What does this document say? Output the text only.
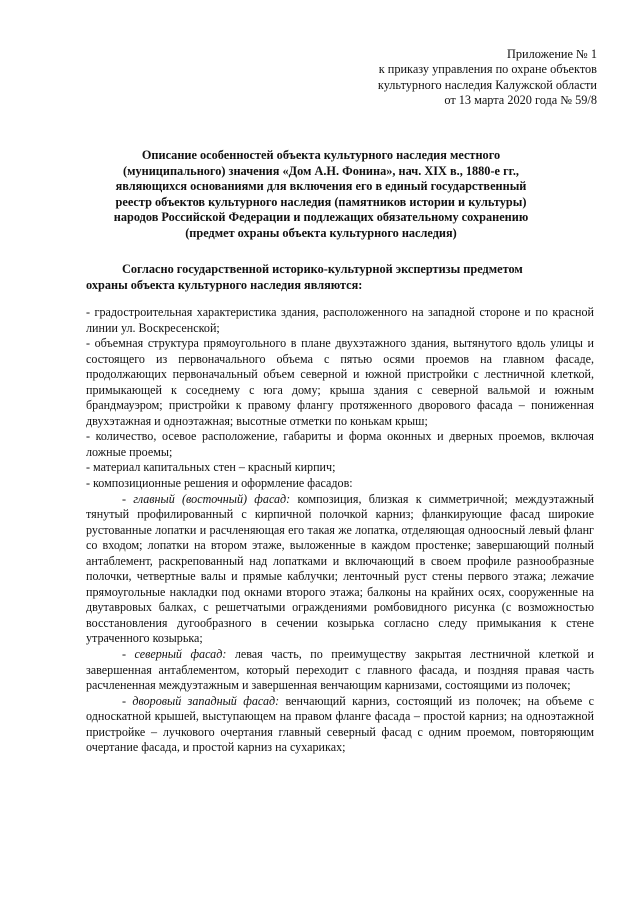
Приложение № 1
к приказу управления по охране объектов
культурного наследия Калужской области
от 13 марта 2020 года № 59/8
Описание особенностей объекта культурного наследия местного
(муниципального) значения «Дом А.Н. Фонина», нач. XIX в., 1880-е гг.,
являющихся основаниями для включения его в единый государственный
реестр объектов культурного наследия (памятников истории и культуры)
народов Российской Федерации и подлежащих обязательному сохранению
(предмет охраны объекта культурного наследия)
Согласно государственной историко-культурной экспертизы предметом
охраны объекта культурного наследия являются:

- градостроительная характеристика здания, расположенного на западной стороне и по красной линии ул. Воскресенской;

- объемная структура прямоугольного в плане двухэтажного здания, вытянутого вдоль улицы и состоящего из первоначального объема с пятью осями проемов на главном фасаде, продолжающих первоначальный объем северной и южной пристройки с лестничной клеткой, примыкающей к соседнему с юга дому; крыша здания с северной вальмой и южным брандмауэром; пристройки к правому флангу протяженного дворового фасада – пониженная двухэтажная и одноэтажная; высотные отметки по конькам крыш;

- количество, осевое расположение, габариты и форма оконных и дверных проемов, включая ложные проемы;

- материал капитальных стен – красный кирпич;

- композиционные решения и оформление фасадов:

- главный (восточный) фасад: композиция, близкая к симметричной; междуэтажный тянутый профилированный с кирпичной полочкой карниз; фланкирующие фасад широкие рустованные лопатки и расчленяющая его такая же лопатка, отделяющая одноосный левый фланг со входом; лопатки на втором этаже, выложенные в каждом простенке; завершающий полный антаблемент, раскрепованный над лопатками и включающий в своем профиле разнообразные полочки, четвертные валы и прямые каблучки; ленточный руст стены первого этажа; лежачие прямоугольные накладки под окнами второго этажа; балконы на крайних осях, сооруженные на двутавровых балках, с решетчатыми ограждениями ромбовидного рисунка (с возможностью восстановления дугообразного в сечении козырька согласно следу примыкания к стене утраченного козырька;

- северный фасад: левая часть, по преимуществу закрытая лестничной клеткой и завершенная антаблементом, который переходит с главного фасада, и поздняя правая часть расчлененная междуэтажным и завершенная венчающим карнизами, состоящими из полочек;

- дворовый западный фасад: венчающий карниз, состоящий из полочек; на объеме с односкатной крышей, выступающем на правом фланге фасада – простой карниз; на одноэтажной пристройке – лучкового очертания главный северный фасад с одним проемом, повторяющим очертание фасада, и простой карниз на сухариках;
